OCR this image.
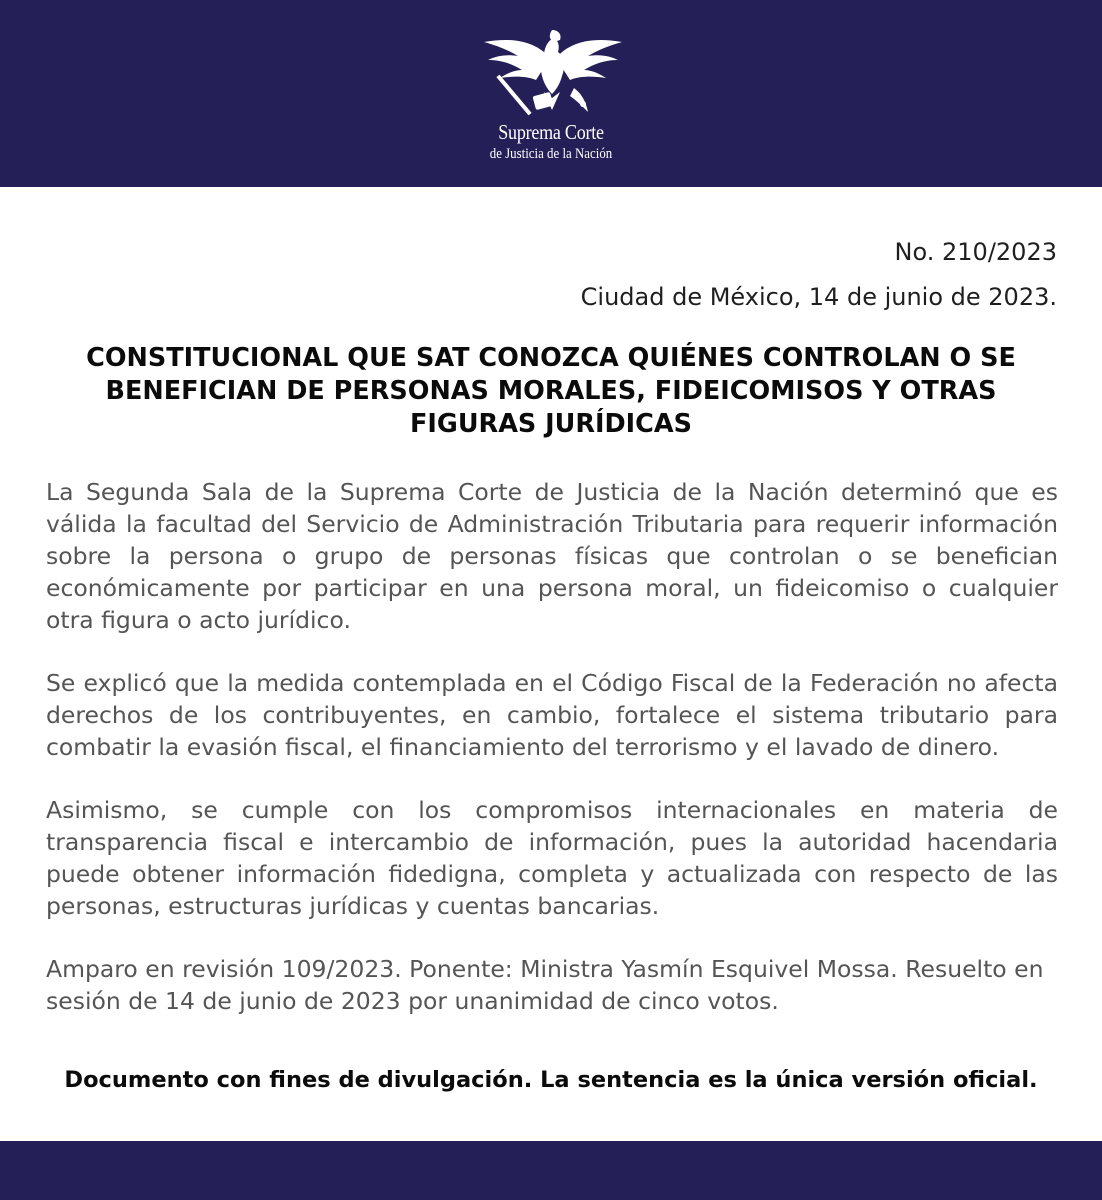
Suprema Corte
de Justicia de la Nación
No. 210/2023
Ciudad de México, 14 de junio de 2023.
CONSTITUCIONAL QUE SAT CONOZCA QUIÉNES CONTROLAN O SE BENEFICIAN DE PERSONAS MORALES, FIDEICOMISOS Y OTRAS FIGURAS JURÍDICAS

La Segunda Sala de la Suprema Corte de Justicia de la Nación determinó que es válida la facultad del Servicio de Administración Tributaria para requerir información sobre la persona o grupo de personas físicas que controlan o se benefician económicamente por participar en una persona moral, un fideicomiso o cualquier otra figura o acto jurídico.

Se explicó que la medida contemplada en el Código Fiscal de la Federación no afecta derechos de los contribuyentes, en cambio, fortalece el sistema tributario para combatir la evasión fiscal, el financiamiento del terrorismo y el lavado de dinero.

Asimismo, se cumple con los compromisos internacionales en materia de transparencia fiscal e intercambio de información, pues la autoridad hacendaria puede obtener información fidedigna, completa y actualizada con respecto de las personas, estructuras jurídicas y cuentas bancarias.

Amparo en revisión 109/2023. Ponente: Ministra Yasmín Esquivel Mossa. Resuelto en sesión de 14 de junio de 2023 por unanimidad de cinco votos.

Documento con fines de divulgación. La sentencia es la única versión oficial.
